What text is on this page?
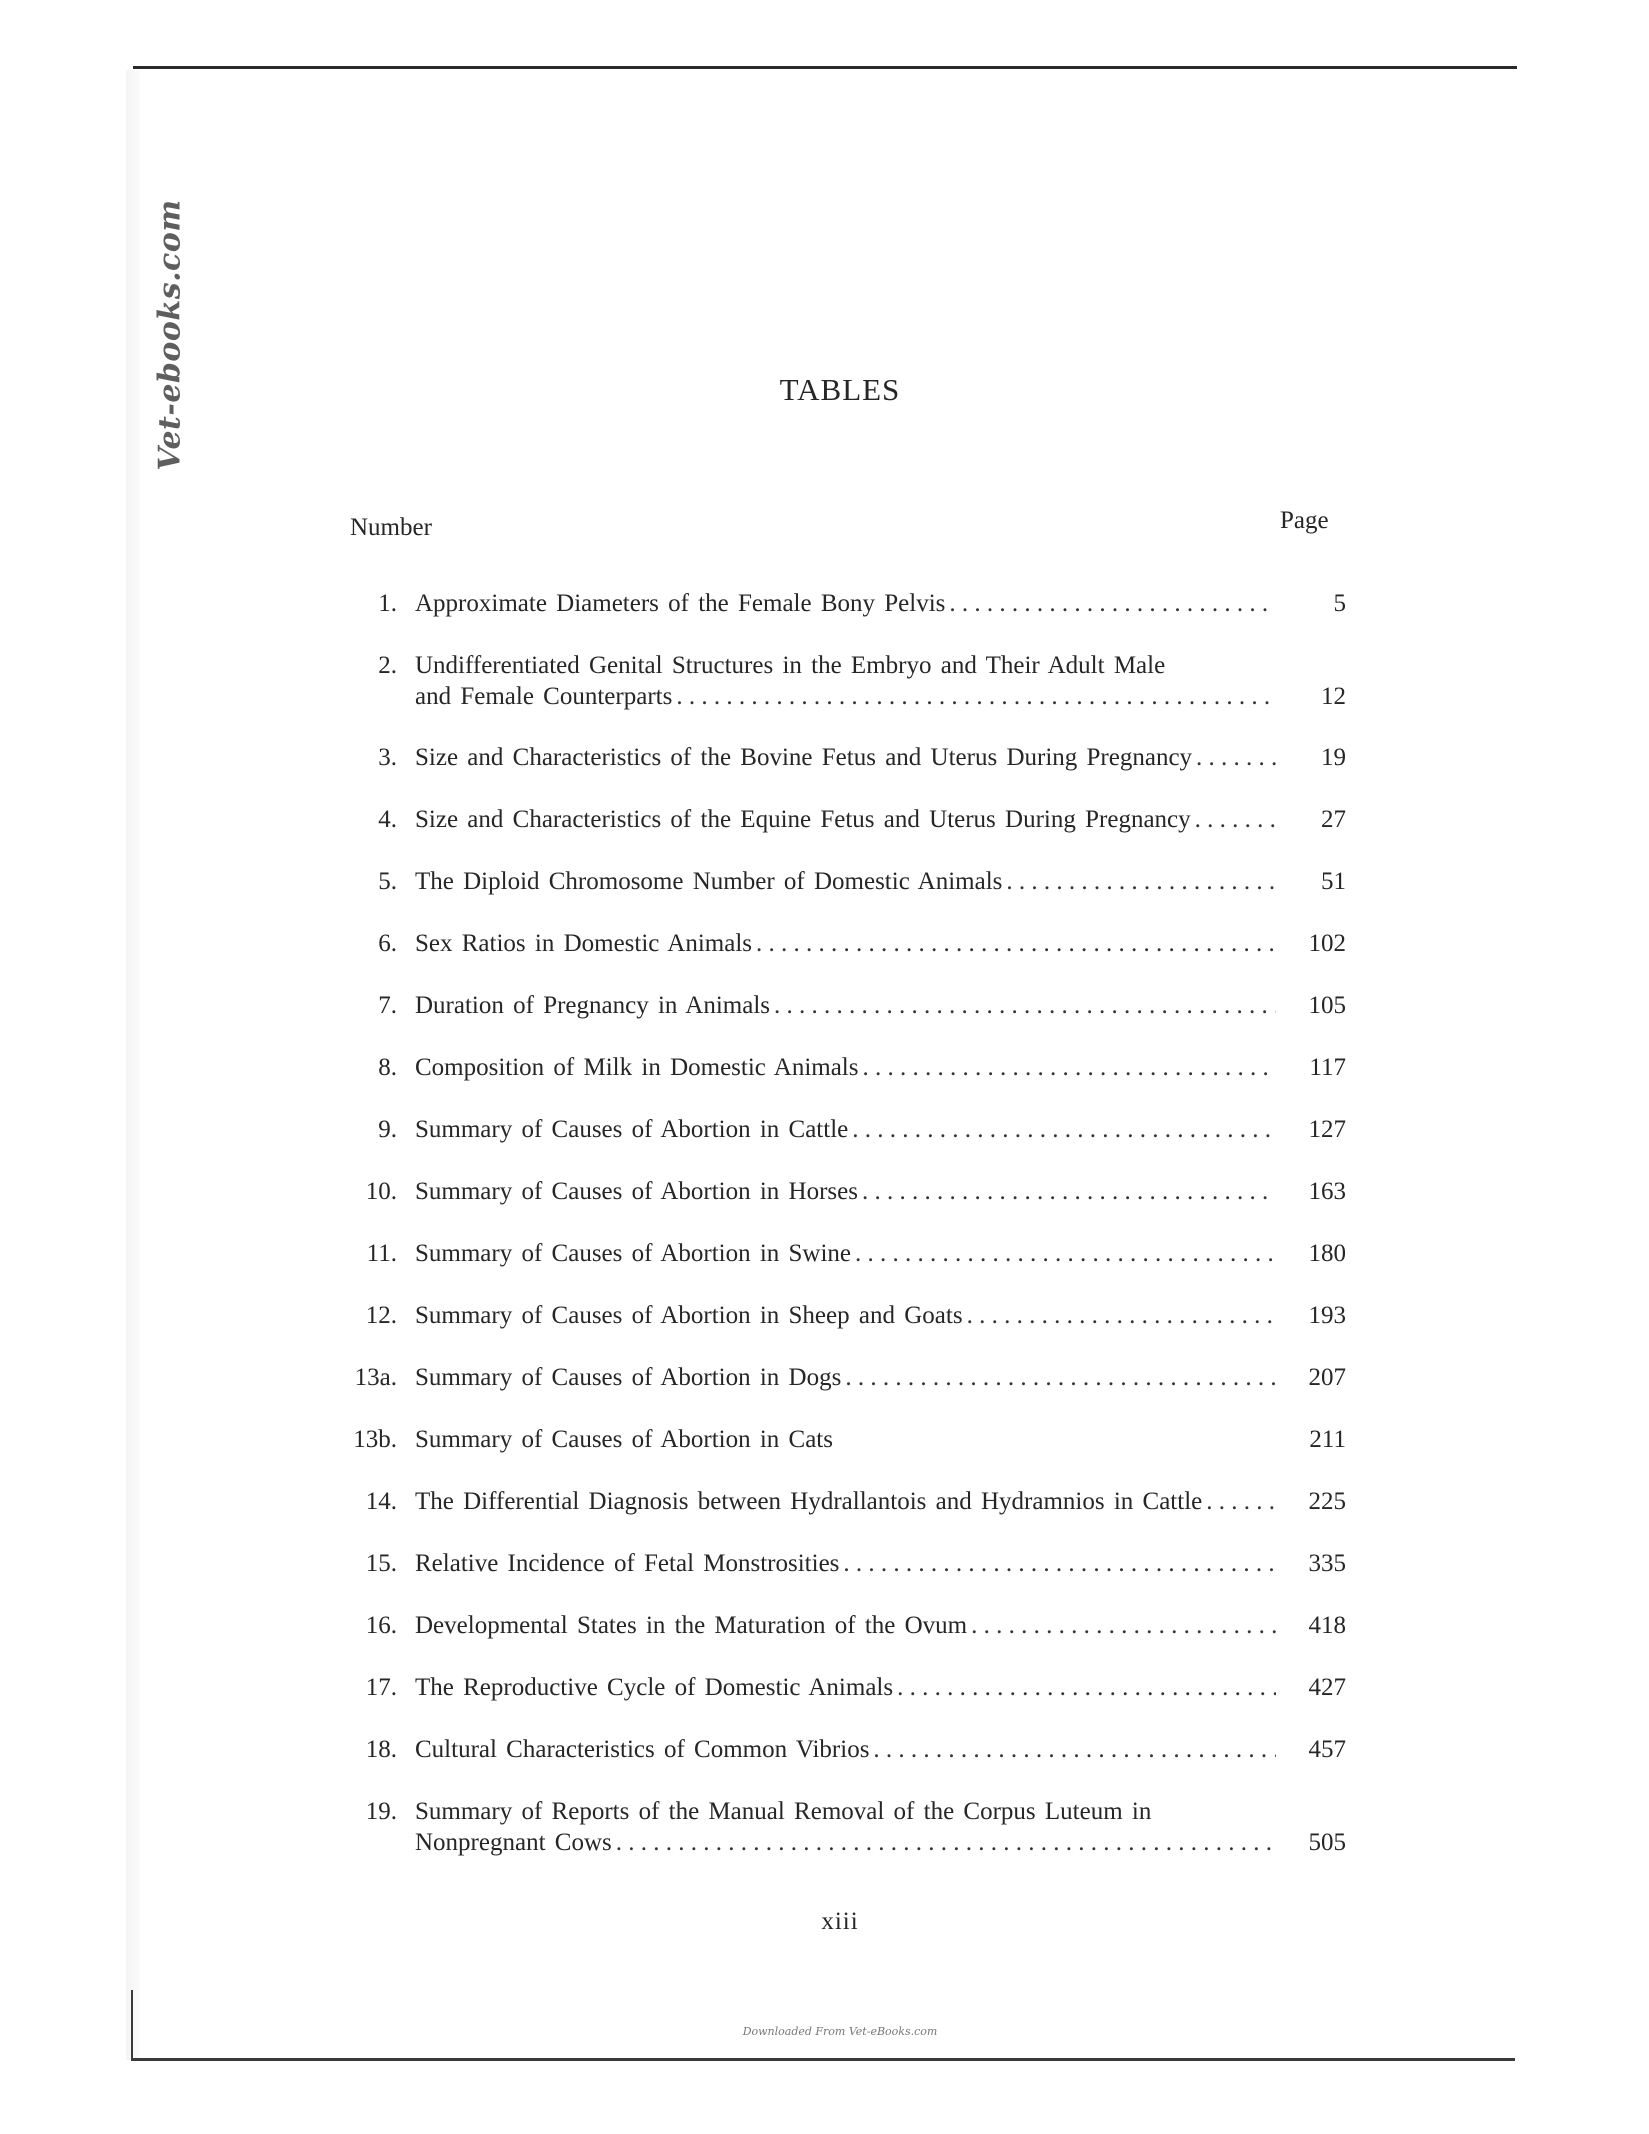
Vet-ebooks.com	TABLES
Number	Page
1. Approximate Diameters of the Female Bony Pelvis . . .	5
2. Undifferentiated Genital Structures in the Embryo and Their Adult Male
and Female Counterparts . . .	12
3. Size and Characteristics of the Bovine Fetus and Uterus During Pregnancy . . .	19
4. Size and Characteristics of the Equine Fetus and Uterus During Pregnancy . . .	27
5. The Diploid Chromosome Number of Domestic Animals . . .	51
6. Sex Ratios in Domestic Animals . . .	102
7. Duration of Pregnancy in Animals . . .	105
8. Composition of Milk in Domestic Animals . . .	117
9. Summary of Causes of Abortion in Cattle . . .	127
10. Summary of Causes of Abortion in Horses . . .	163
11. Summary of Causes of Abortion in Swine . . .	180
12. Summary of Causes of Abortion in Sheep and Goats . . .	193
13a. Summary of Causes of Abortion in Dogs . . .	207
13b. Summary of Causes of Abortion in Cats	211
14. The Differential Diagnosis between Hydrallantois and Hydramnios in Cattle . . .	225
15. Relative Incidence of Fetal Monstrosities . . .	335
16. Developmental States in the Maturation of the Ovum . . .	418
17. The Reproductive Cycle of Domestic Animals . . .	427
18. Cultural Characteristics of Common Vibrios . . .	457
19. Summary of Reports of the Manual Removal of the Corpus Luteum in
Nonpregnant Cows . . .	505
xiii
Downloaded From Vet-eBooks.com
